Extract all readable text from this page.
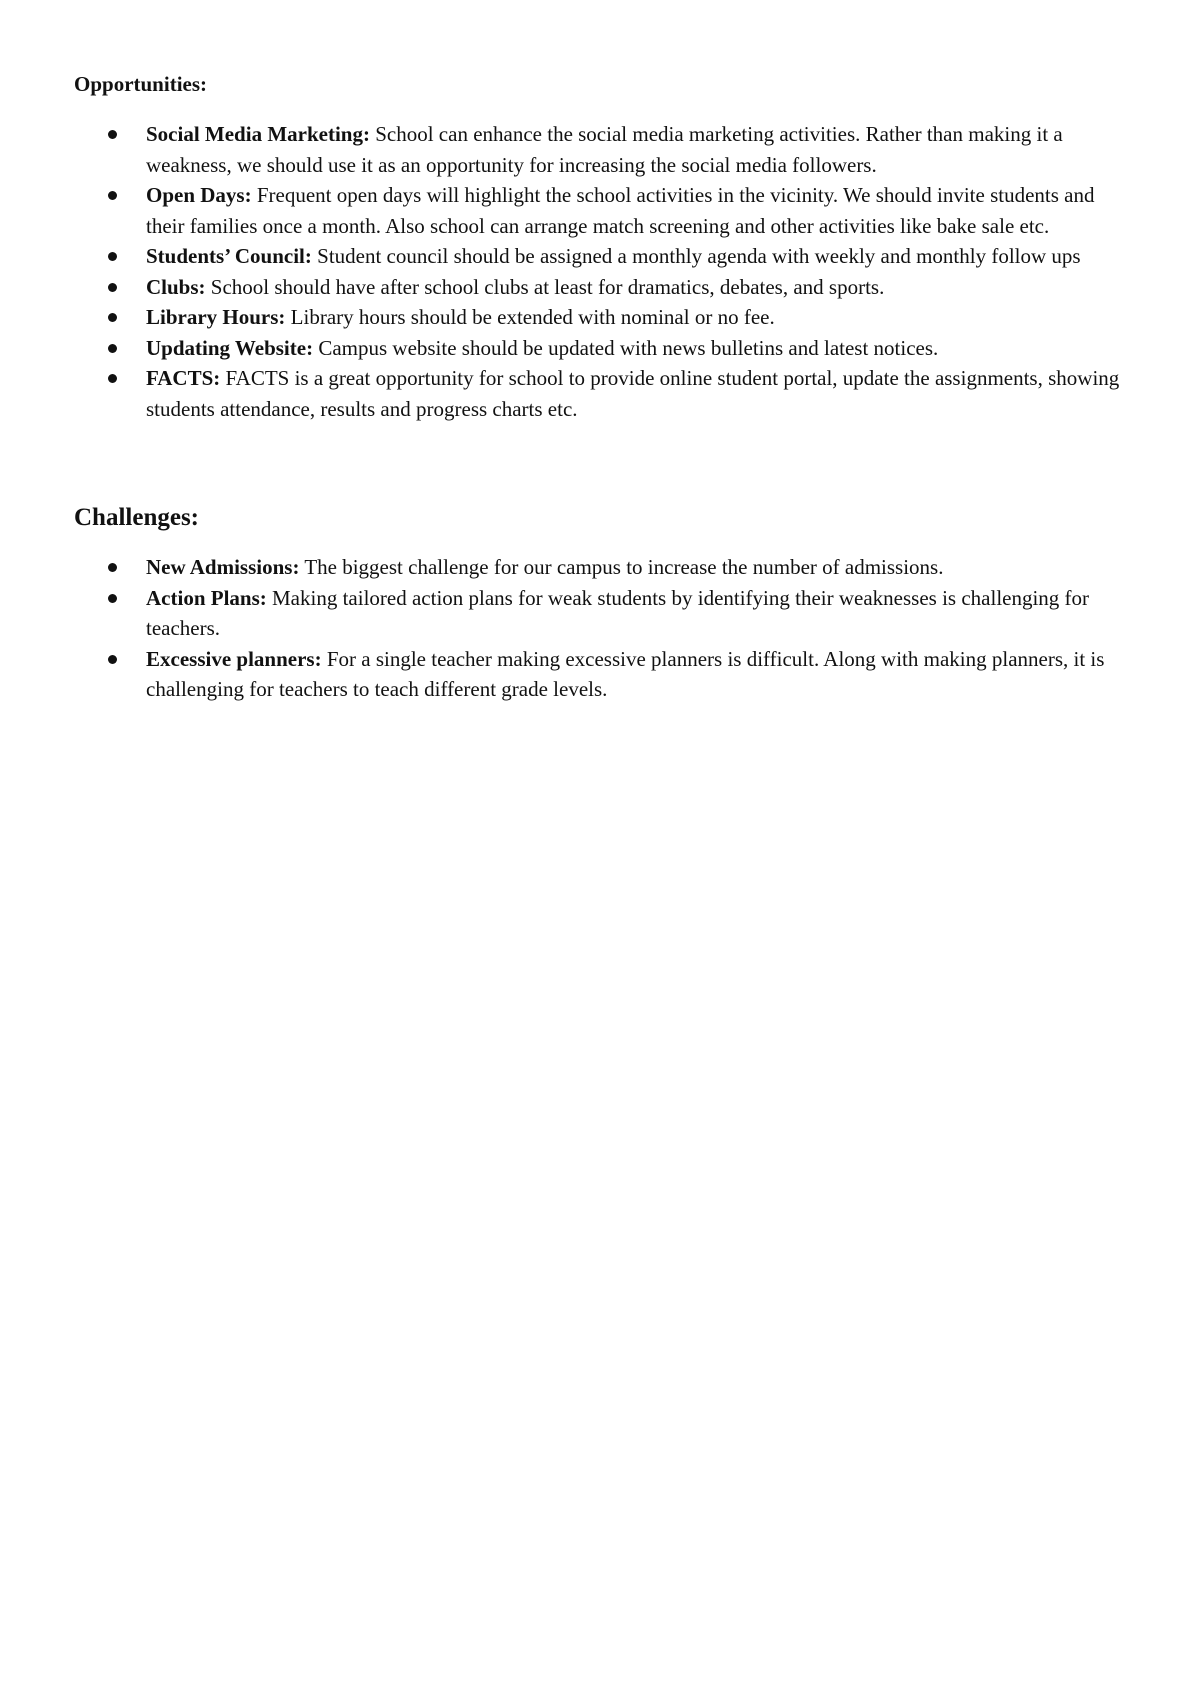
Opportunities:
Social Media Marketing: School can enhance the social media marketing activities. Rather than making it a weakness, we should use it as an opportunity for increasing the social media followers.
Open Days: Frequent open days will highlight the school activities in the vicinity. We should invite students and their families once a month. Also school can arrange match screening and other activities like bake sale etc.
Students’ Council: Student council should be assigned a monthly agenda with weekly and monthly follow ups
Clubs: School should have after school clubs at least for dramatics, debates, and sports.
Library Hours: Library hours should be extended with nominal or no fee.
Updating Website: Campus website should be updated with news bulletins and latest notices.
FACTS: FACTS is a great opportunity for school to provide online student portal, update the assignments, showing students attendance, results and progress charts etc.
Challenges:
New Admissions: The biggest challenge for our campus to increase the number of admissions.
Action Plans: Making tailored action plans for weak students by identifying their weaknesses is challenging for teachers.
Excessive planners: For a single teacher making excessive planners is difficult. Along with making planners, it is challenging for teachers to teach different grade levels.
